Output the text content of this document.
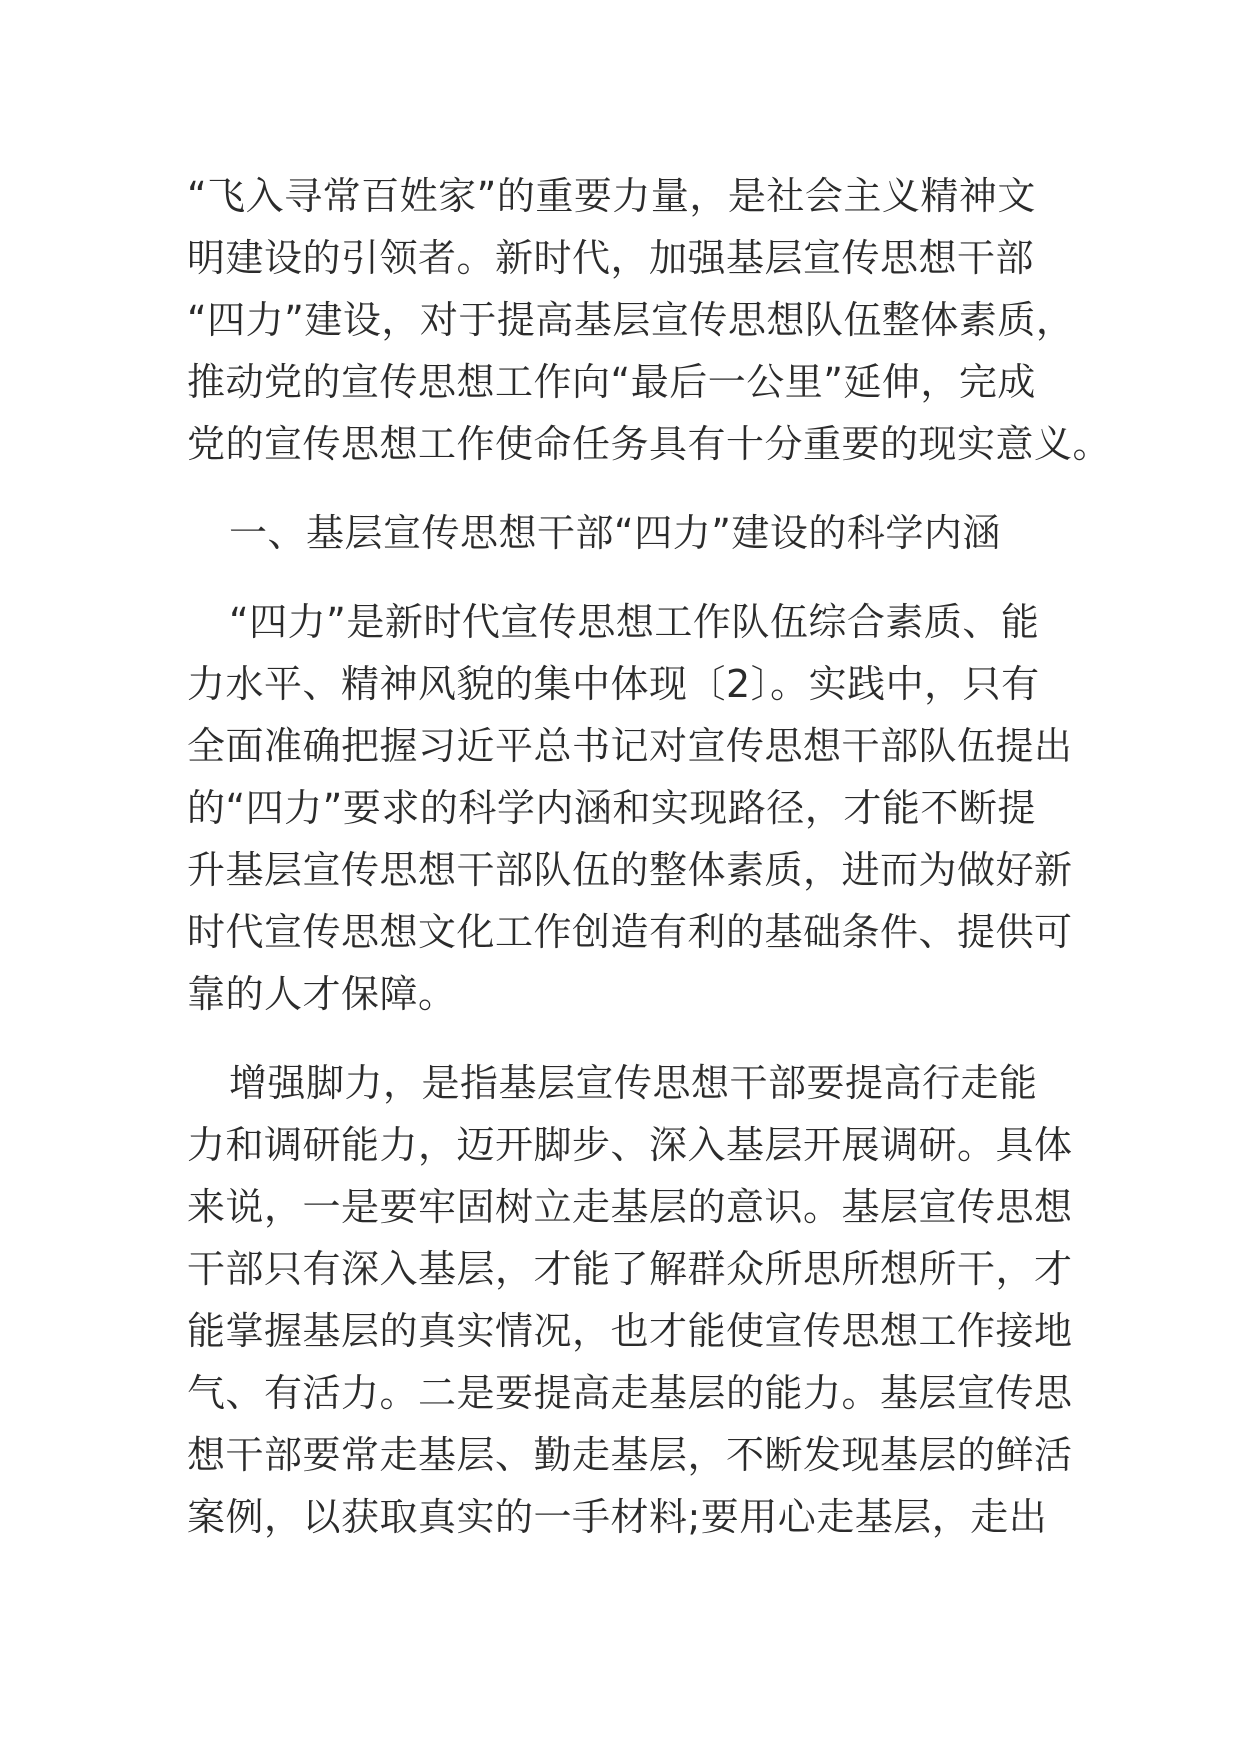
“飞入寻常百姓家”的重要力量，是社会主义精神文
明建设的引领者。新时代，加强基层宣传思想干部
“四力”建设，对于提高基层宣传思想队伍整体素质，
推动党的宣传思想工作向“最后一公里”延伸，完成
党的宣传思想工作使命任务具有十分重要的现实意义。
一、基层宣传思想干部“四力”建设的科学内涵
“四力”是新时代宣传思想工作队伍综合素质、能
力水平、精神风貌的集中体现〔2〕。实践中，只有
全面准确把握习近平总书记对宣传思想干部队伍提出
的“四力”要求的科学内涵和实现路径，才能不断提
升基层宣传思想干部队伍的整体素质，进而为做好新
时代宣传思想文化工作创造有利的基础条件、提供可
靠的人才保障。
增强脚力，是指基层宣传思想干部要提高行走能
力和调研能力，迈开脚步、深入基层开展调研。具体
来说，一是要牢固树立走基层的意识。基层宣传思想
干部只有深入基层，才能了解群众所思所想所干，才
能掌握基层的真实情况，也才能使宣传思想工作接地
气、有活力。二是要提高走基层的能力。基层宣传思
想干部要常走基层、勤走基层，不断发现基层的鲜活
案例，以获取真实的一手材料;要用心走基层，走出
